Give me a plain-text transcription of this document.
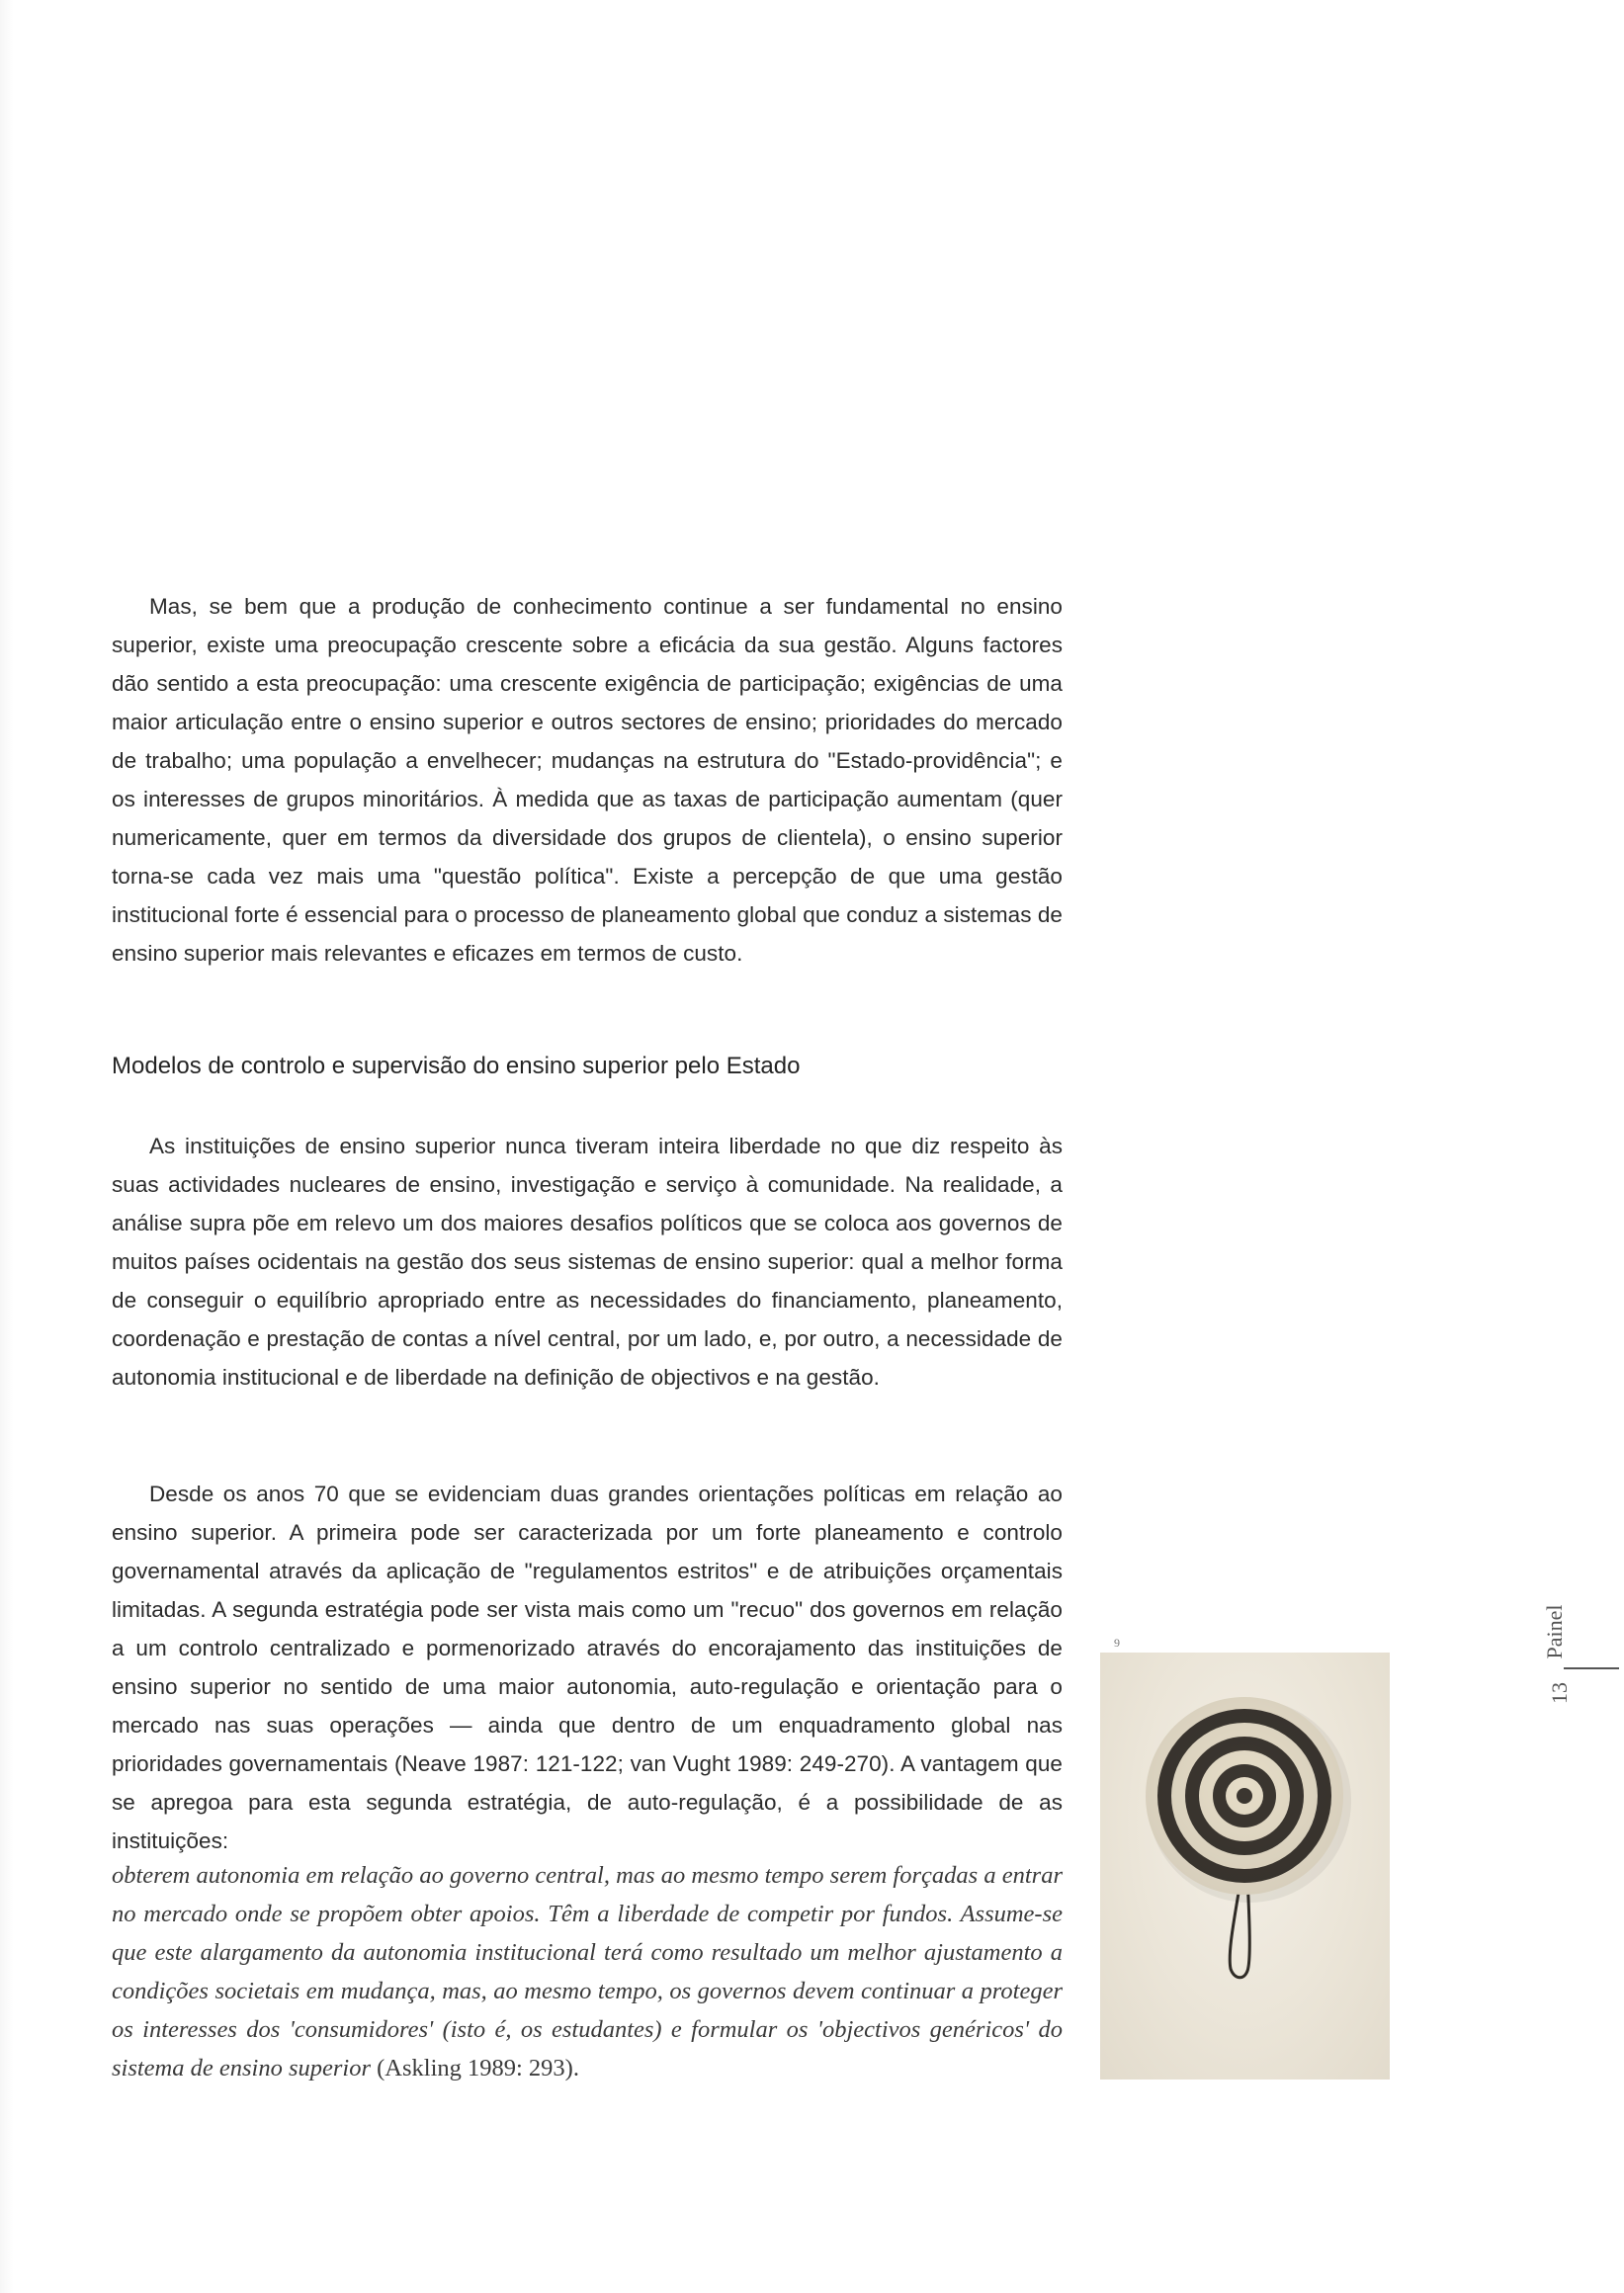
Mas, se bem que a produção de conhecimento continue a ser fundamental no ensino superior, existe uma preocupação crescente sobre a eficácia da sua gestão. Alguns factores dão sentido a esta preocupação: uma crescente exigência de participação; exigências de uma maior articulação entre o ensino superior e outros sectores de ensino; prioridades do mercado de trabalho; uma população a envelhecer; mudanças na estrutura do "Estado-providência"; e os interesses de grupos minoritários. À medida que as taxas de participação aumentam (quer numericamente, quer em termos da diversidade dos grupos de clientela), o ensino superior torna-se cada vez mais uma "questão política". Existe a percepção de que uma gestão institucional forte é essencial para o processo de planeamento global que conduz a sistemas de ensino superior mais relevantes e eficazes em termos de custo.

Modelos de controlo e supervisão do ensino superior pelo Estado

As instituições de ensino superior nunca tiveram inteira liberdade no que diz respeito às suas actividades nucleares de ensino, investigação e serviço à comunidade. Na realidade, a análise supra põe em relevo um dos maiores desafios políticos que se coloca aos governos de muitos países ocidentais na gestão dos seus sistemas de ensino superior: qual a melhor forma de conseguir o equilíbrio apropriado entre as necessidades do financiamento, planeamento, coordenação e prestação de contas a nível central, por um lado, e, por outro, a necessidade de autonomia institucional e de liberdade na definição de objectivos e na gestão.

Desde os anos 70 que se evidenciam duas grandes orientações políticas em relação ao ensino superior. A primeira pode ser caracterizada por um forte planeamento e controlo governamental através da aplicação de "regulamentos estritos" e de atribuições orçamentais limitadas. A segunda estratégia pode ser vista mais como um "recuo" dos governos em relação a um controlo centralizado e pormenorizado através do encorajamento das instituições de ensino superior no sentido de uma maior autonomia, auto-regulação e orientação para o mercado nas suas operações — ainda que dentro de um enquadramento global nas prioridades governamentais (Neave 1987: 121-122; van Vught 1989: 249-270). A vantagem que se apregoa para esta segunda estratégia, de auto-regulação, é a possibilidade de as instituições:

obterem autonomia em relação ao governo central, mas ao mesmo tempo serem forçadas a entrar no mercado onde se propõem obter apoios. Têm a liberdade de competir por fundos. Assume-se que este alargamento da autonomia institucional terá como resultado um melhor ajustamento a condições societais em mudança, mas, ao mesmo tempo, os governos devem continuar a proteger os interesses dos 'consumidores' (isto é, os estudantes) e formular os 'objectivos genéricos' do sistema de ensino superior (Askling 1989: 293).

9	Painel
13
